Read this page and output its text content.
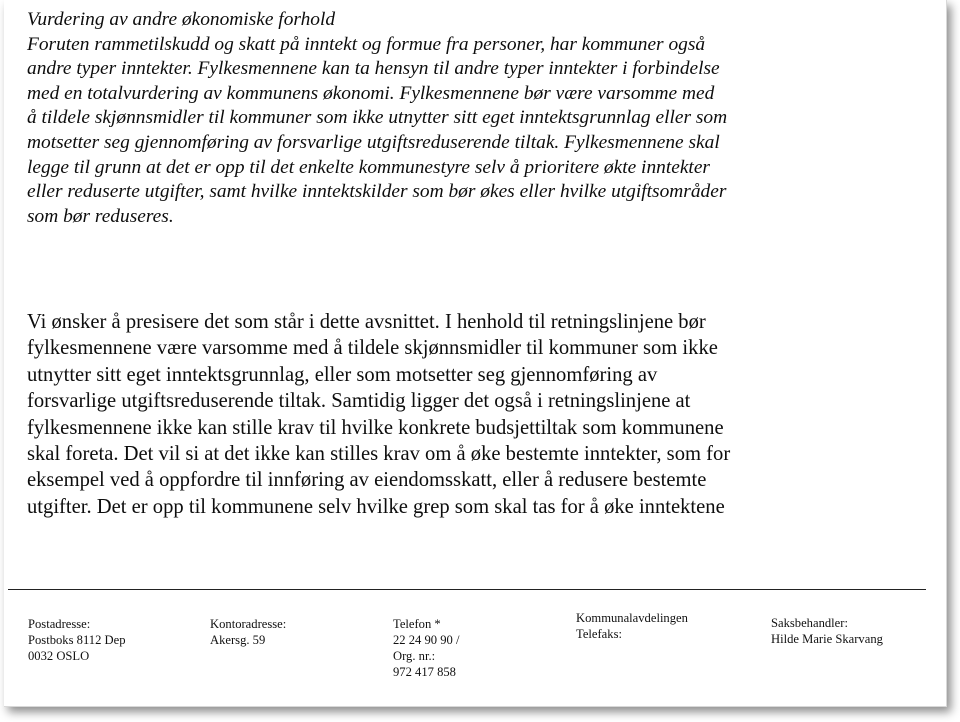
Vurdering av andre økonomiske forhold
Foruten rammetilskudd og skatt på inntekt og formue fra personer, har kommuner også
andre typer inntekter. Fylkesmennene kan ta hensyn til andre typer inntekter i forbindelse
med en totalvurdering av kommunens økonomi. Fylkesmennene bør være varsomme med
å tildele skjønnsmidler til kommuner som ikke utnytter sitt eget inntektsgrunnlag eller som
motsetter seg gjennomføring av forsvarlige utgiftsreduserende tiltak. Fylkesmennene skal
legge til grunn at det er opp til det enkelte kommunestyre selv å prioritere økte inntekter
eller reduserte utgifter, samt hvilke inntektskilder som bør økes eller hvilke utgiftsområder
som bør reduseres.
Vi ønsker å presisere det som står i dette avsnittet. I henhold til retningslinjene bør
fylkesmennene være varsomme med å tildele skjønnsmidler til kommuner som ikke
utnytter sitt eget inntektsgrunnlag, eller som motsetter seg gjennomføring av
forsvarlige utgiftsreduserende tiltak. Samtidig ligger det også i retningslinjene at
fylkesmennene ikke kan stille krav til hvilke konkrete budsjettiltak som kommunene
skal foreta. Det vil si at det ikke kan stilles krav om å øke bestemte inntekter, som for
eksempel ved å oppfordre til innføring av eiendomsskatt, eller å redusere bestemte
utgifter. Det er opp til kommunene selv hvilke grep som skal tas for å øke inntektene
Postadresse:
Postboks 8112 Dep
0032 OSLO
Kontoradresse:
Akersg. 59
Telefon *
22 24 90 90 /
Org. nr.:
972 417 858
Kommunalavdelingen
Telefaks:
Saksbehandler:
Hilde Marie Skarvang
